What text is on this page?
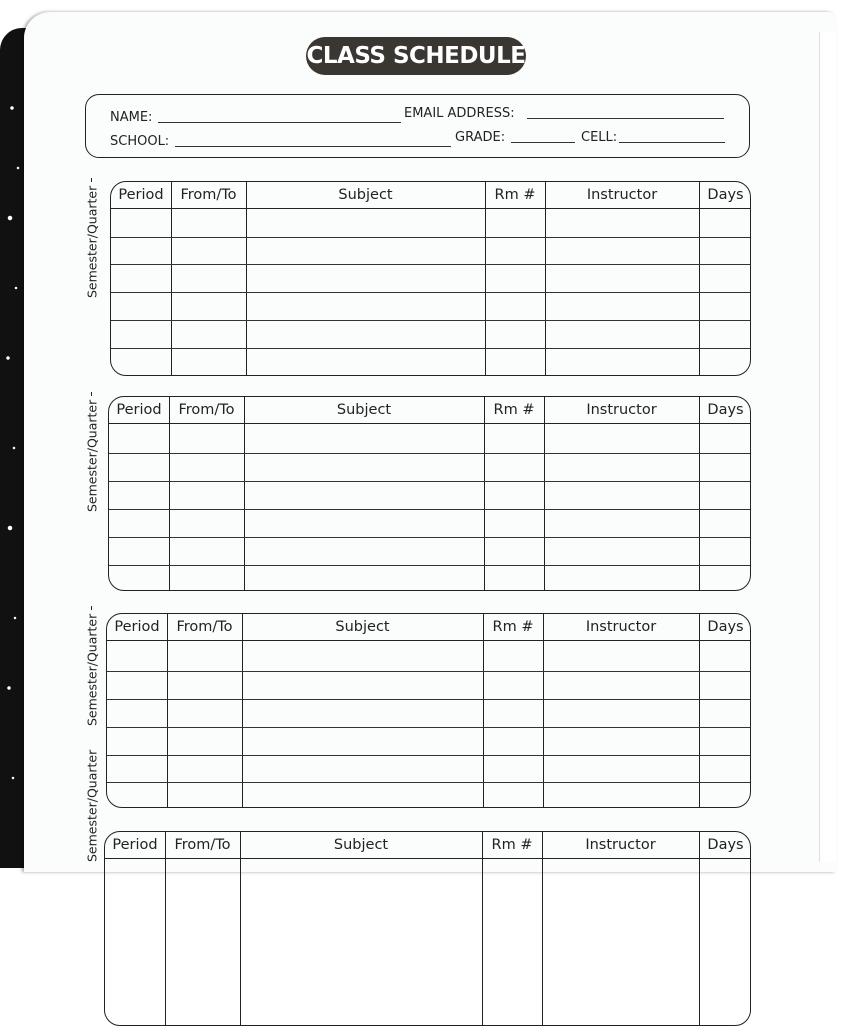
CLASS SCHEDULE
NAME:	EMAIL ADDRESS:
SCHOOL:	GRADE:	CELL:
Semester/Quarter	Period	From/To	Subject	Rm #	Instructor	Days
Semester/Quarter	Period	From/To	Subject	Rm #	Instructor	Days
Semester/Quarter	Period	From/To	Subject	Rm #	Instructor	Days
Semester/Quarter Period	From/To	Subject	Rm #	Instructor	Days
